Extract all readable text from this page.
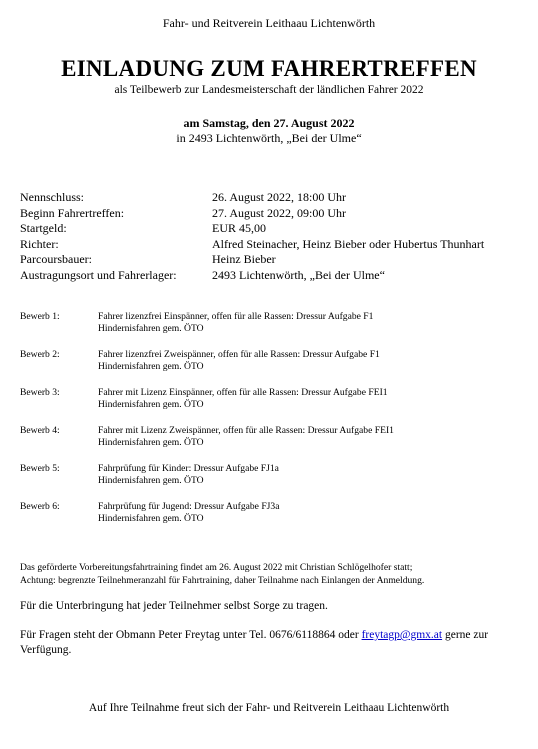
Fahr- und Reitverein Leithaau Lichtenwörth
EINLADUNG ZUM FAHRERTREFFEN
als Teilbewerb zur Landesmeisterschaft der ländlichen Fahrer 2022
am Samstag, den 27. August 2022
in 2493 Lichtenwörth, „Bei der Ulme“
Nennschluss:	26. August 2022, 18:00 Uhr
Beginn Fahrertreffen:	27. August 2022, 09:00 Uhr
Startgeld:	EUR 45,00
Richter:	Alfred Steinacher, Heinz Bieber oder Hubertus Thunhart
Parcoursbauer:	Heinz Bieber
Austragungsort und Fahrerlager:	2493 Lichtenwörth, „Bei der Ulme“
Bewerb 1:	Fahrer lizenzfrei Einspänner, offen für alle Rassen: Dressur Aufgabe F1
Hindernisfahren gem. ÖTO
Bewerb 2:	Fahrer lizenzfrei Zweispänner, offen für alle Rassen: Dressur Aufgabe F1
Hindernisfahren gem. ÖTO
Bewerb 3:	Fahrer mit Lizenz Einspänner, offen für alle Rassen: Dressur Aufgabe FEI1
Hindernisfahren gem. ÖTO
Bewerb 4:	Fahrer mit Lizenz Zweispänner, offen für alle Rassen: Dressur Aufgabe FEI1
Hindernisfahren gem. ÖTO
Bewerb 5:	Fahrprüfung für Kinder: Dressur Aufgabe FJ1a
Hindernisfahren gem. ÖTO
Bewerb 6:	Fahrprüfung für Jugend: Dressur Aufgabe FJ3a
Hindernisfahren gem. ÖTO
Das geförderte Vorbereitungsfahrtraining findet am 26. August 2022 mit Christian Schlögelhofer statt;
Achtung: begrenzte Teilnehmeranzahl für Fahrtraining, daher Teilnahme nach Einlangen der Anmeldung.
Für die Unterbringung hat jeder Teilnehmer selbst Sorge zu tragen.
Für Fragen steht der Obmann Peter Freytag unter Tel. 0676/6118864 oder freytagp@gmx.at gerne zur Verfügung.
Auf Ihre Teilnahme freut sich der Fahr- und Reitverein Leithaau Lichtenwörth
